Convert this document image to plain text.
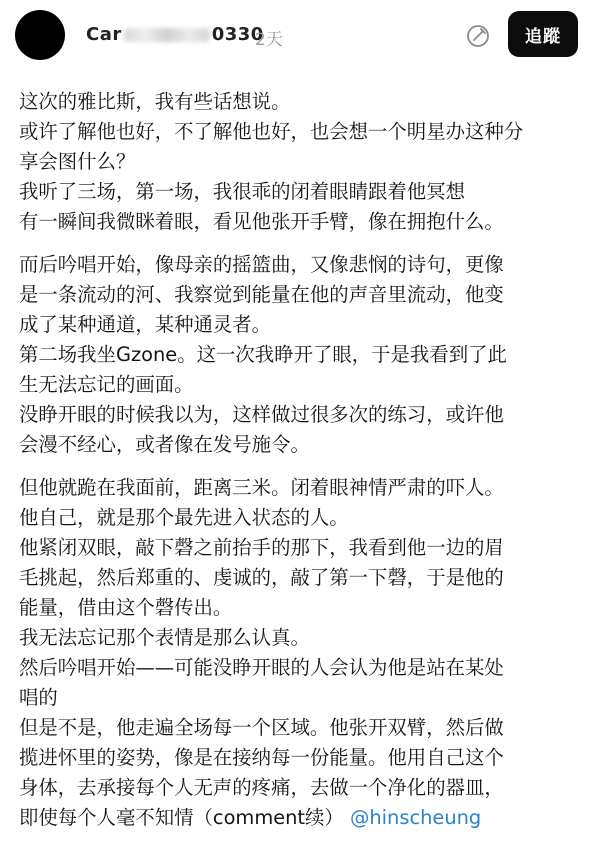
Car	0330
2天	追蹤
这次的雅比斯，我有些话想说。
或许了解他也好，不了解他也好，也会想一个明星办这种分
享会图什么？
我听了三场，第一场，我很乖的闭着眼睛跟着他冥想
有一瞬间我微眯着眼，看见他张开手臂，像在拥抱什么。
而后吟唱开始，像母亲的摇篮曲，又像悲悯的诗句，更像
是一条流动的河、我察觉到能量在他的声音里流动，他变
成了某种通道，某种通灵者。
第二场我坐Gzone。这一次我睁开了眼，于是我看到了此
生无法忘记的画面。
没睁开眼的时候我以为，这样做过很多次的练习，或许他
会漫不经心，或者像在发号施令。
但他就跪在我面前，距离三米。闭着眼神情严肃的吓人。
他自己，就是那个最先进入状态的人。
他紧闭双眼，敲下磬之前抬手的那下，我看到他一边的眉
毛挑起，然后郑重的、虔诚的，敲了第一下磬，于是他的
能量，借由这个磬传出。
我无法忘记那个表情是那么认真。
然后吟唱开始——可能没睁开眼的人会认为他是站在某处
唱的
但是不是，他走遍全场每一个区域。他张开双臂，然后做
揽进怀里的姿势，像是在接纳每一份能量。他用自己这个
身体，去承接每个人无声的疼痛，去做一个净化的器皿，
即使每个人毫不知情（comment续） @hinscheung
